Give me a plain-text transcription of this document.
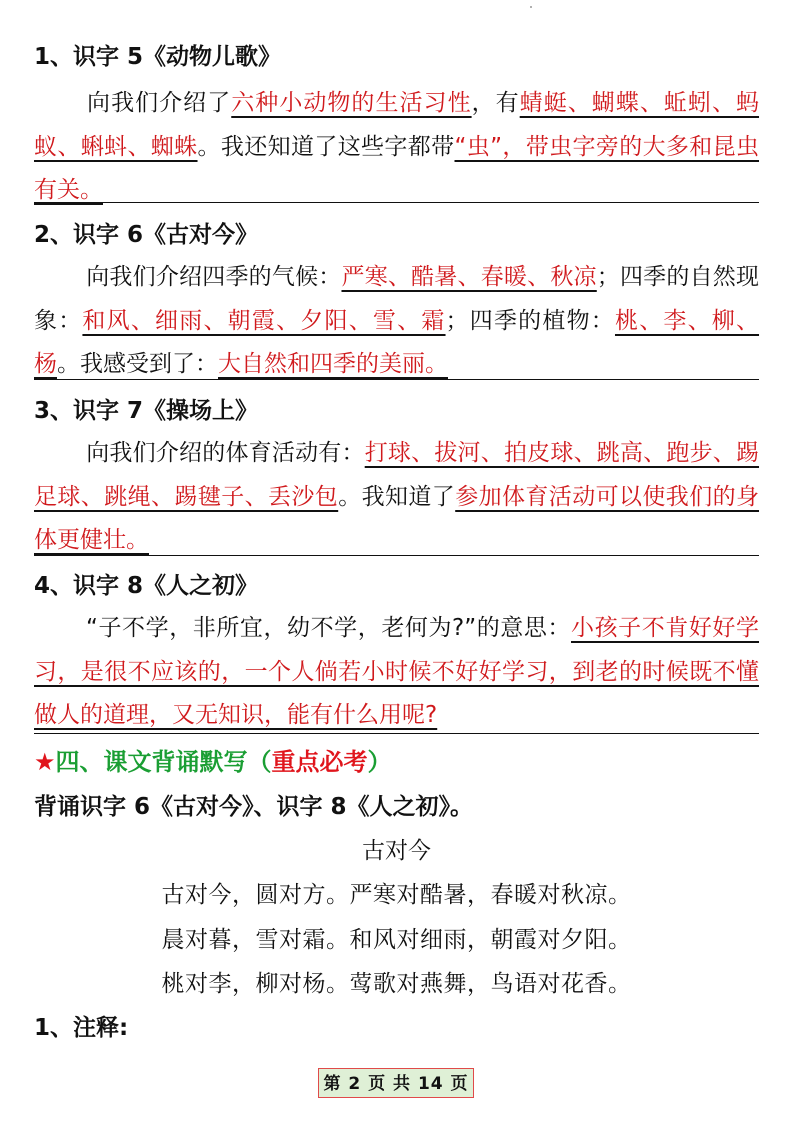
1、识字 5《动物儿歌》
向我们介绍了六种小动物的生活习性，有蜻蜓、蝴蝶、蚯蚓、蚂蚁、蝌蚪、蜘蛛。我还知道了这些字都带“虫”，带虫字旁的大多和昆虫有关。
2、识字 6《古对今》
向我们介绍四季的气候：严寒、酷暑、春暖、秋凉；四季的自然现象：和风、细雨、朝霞、夕阳、雪、霜；四季的植物：桃、李、柳、杨。我感受到了：大自然和四季的美丽。
3、识字 7《操场上》
向我们介绍的体育活动有：打球、拔河、拍皮球、跳高、跑步、踢足球、跳绳、踢毽子、丢沙包。我知道了参加体育活动可以使我们的身体更健壮。
4、识字 8《人之初》
“子不学，非所宜，幼不学，老何为?”的意思：小孩子不肯好好学习，是很不应该的，一个人倘若小时候不好好学习，到老的时候既不懂做人的道理，又无知识，能有什么用呢?
★四、课文背诵默写（重点必考）
背诵识字 6《古对今》、识字 8《人之初》。
古对今
古对今，圆对方。严寒对酷暑，春暖对秋凉。
晨对暮，雪对霜。和风对细雨，朝霞对夕阳。
桃对李，柳对杨。莺歌对燕舞，鸟语对花香。
1、注释:
第 2 页 共 14 页
